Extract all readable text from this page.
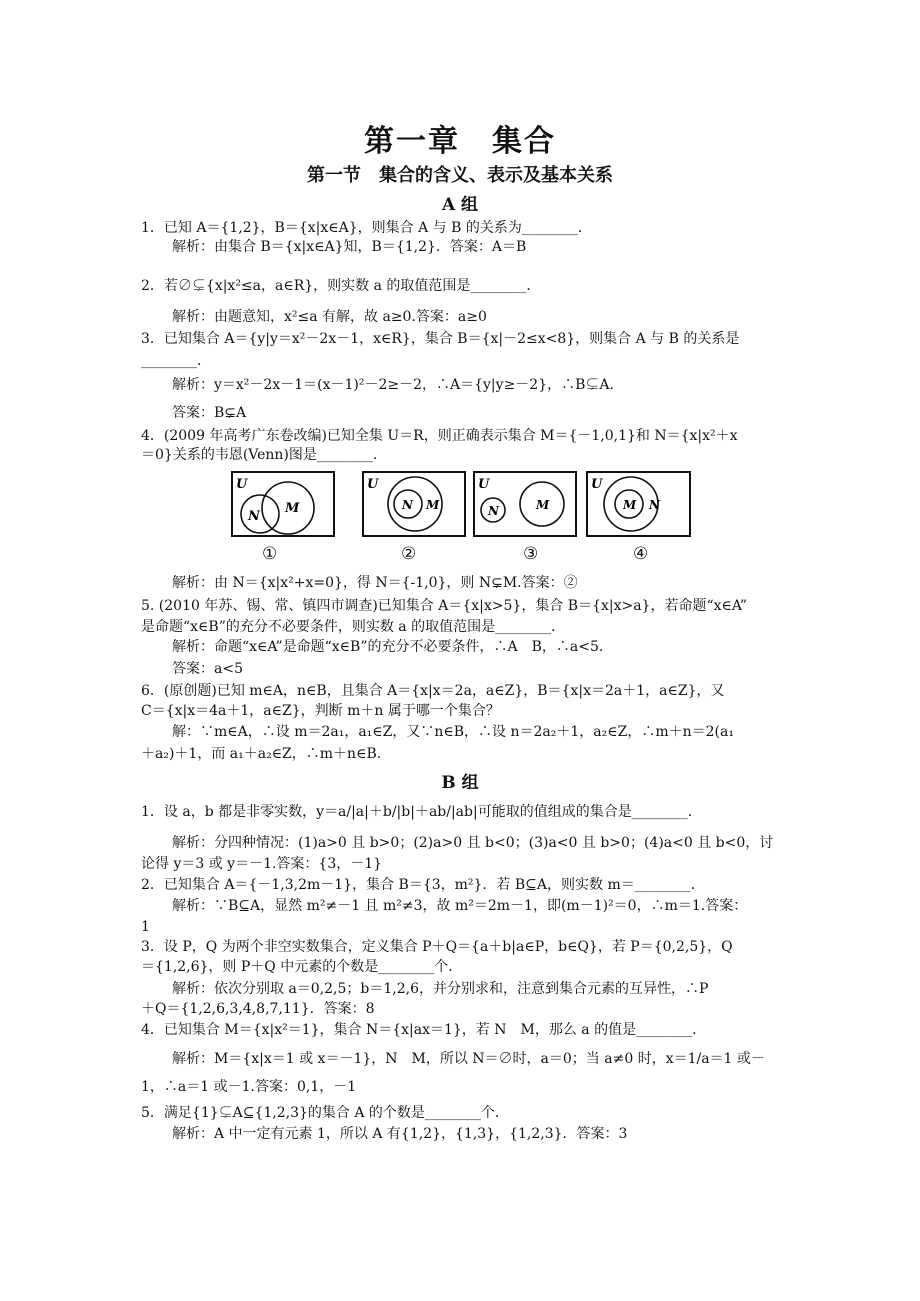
第一章　集合
第一节　集合的含义、表示及基本关系
A 组
1．已知 A＝{1,2}，B＝{x|x∈A}，则集合 A 与 B 的关系为________．
解析：由集合 B＝{x|x∈A}知，B＝{1,2}．答案：A＝B
2．若∅⊊{x|x²≤a，a∈R}，则实数 a 的取值范围是________．
解析：由题意知，x²≤a 有解，故 a≥0.答案：a≥0
3．已知集合 A＝{y|y＝x²－2x－1，x∈R}，集合 B＝{x|－2≤x<8}，则集合 A 与 B 的关系是
________．
解析：y＝x²－2x－1＝(x－1)²－2≥－2，∴A＝{y|y≥－2}，∴B⊊A.
答案：B⊊A
4．(2009 年高考广东卷改编)已知全集 U＝R，则正确表示集合 M＝{－1,0,1}和 N＝{x|x²＋x
＝0}关系的韦恩(Venn)图是________．
U
N
M
U
N M
U
N	M
U
M N
①	②	③	④
解析：由 N＝{x|x²+x=0}，得 N＝{-1,0}，则 N⊊M.答案：②
5. (2010 年苏、锡、常、镇四市调查)已知集合 A＝{x|x>5}，集合 B＝{x|x>a}，若命题“x∈A”
是命题“x∈B”的充分不必要条件，则实数 a 的取值范围是________．
解析：命题“x∈A”是命题“x∈B”的充分不必要条件，∴A　B，∴a<5.
答案：a<5
6．(原创题)已知 m∈A，n∈B，且集合 A＝{x|x＝2a，a∈Z}，B＝{x|x＝2a＋1，a∈Z}，又
C＝{x|x＝4a＋1，a∈Z}，判断 m＋n 属于哪一个集合？
解：∵m∈A，∴设 m＝2a₁，a₁∈Z，又∵n∈B，∴设 n＝2a₂＋1，a₂∈Z，∴m＋n＝2(a₁
＋a₂)＋1，而 a₁＋a₂∈Z，∴m＋n∈B.
B 组
1．设 a，b 都是非零实数，y＝a/|a|＋b/|b|＋ab/|ab|可能取的值组成的集合是________．
解析：分四种情况：(1)a>0 且 b>0；(2)a>0 且 b<0；(3)a<0 且 b>0；(4)a<0 且 b<0，讨
论得 y＝3 或 y＝－1.答案：{3，－1}
2．已知集合 A＝{－1,3,2m－1}，集合 B＝{3，m²}．若 B⊆A，则实数 m＝________．
解析：∵B⊆A，显然 m²≠－1 且 m²≠3，故 m²＝2m－1，即(m－1)²＝0，∴m＝1.答案：
1
3．设 P，Q 为两个非空实数集合，定义集合 P＋Q＝{a＋b|a∈P，b∈Q}，若 P＝{0,2,5}，Q
＝{1,2,6}，则 P＋Q 中元素的个数是________个．
解析：依次分别取 a＝0,2,5；b＝1,2,6，并分别求和，注意到集合元素的互异性，∴P
＋Q＝{1,2,6,3,4,8,7,11}．答案：8
4．已知集合 M＝{x|x²＝1}，集合 N＝{x|ax＝1}，若 N　M，那么 a 的值是________．
解析：M＝{x|x＝1 或 x＝－1}，N　M，所以 N＝∅时，a＝0；当 a≠0 时，x＝1/a＝1 或－
1，∴a＝1 或－1.答案：0,1，－1
5．满足{1}⊊A⊆{1,2,3}的集合 A 的个数是________个．
解析：A 中一定有元素 1，所以 A 有{1,2}，{1,3}，{1,2,3}．答案：3
